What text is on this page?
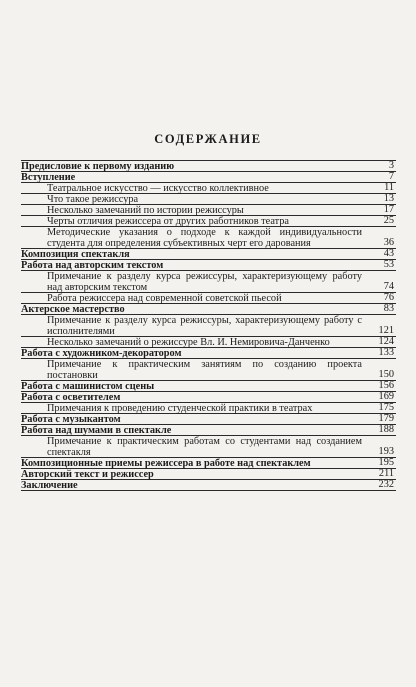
СОДЕРЖАНИЕ
Предисловие к первому изданию	3
Вступление	7
Театральное искусство — искусство коллективное	11
Что такое режиссура	13
Несколько замечаний по истории режиссуры	17
Черты отличия режиссера от других работников театра	25
Методические указания о подходе к каждой индивидуальности студента для определения субъективных черт его дарования	36
Композиция спектакля	43
Работа над авторским текстом	53
Примечание к разделу курса режиссуры, характеризующему работу над авторским текстом	74
Работа режиссера над современной советской пьесой	76
Актерское мастерство	83
Примечание к разделу курса режиссуры, характеризующему работу с исполнителями	121
Несколько замечаний о режиссуре Вл. И. Немировича-Данченко	124
Работа с художником-декоратором	133
Примечание к практическим занятиям по созданию проекта постановки	150
Работа с машинистом сцены	156
Работа с осветителем	169
Примечания к проведению студенческой практики в театрах	175
Работа с музыкантом	179
Работа над шумами в спектакле	188
Примечание к практическим работам со студентами над созданием спектакля	193
Композиционные приемы режиссера в работе над спектаклем	195
Авторский текст и режиссер	211
Заключение	232
